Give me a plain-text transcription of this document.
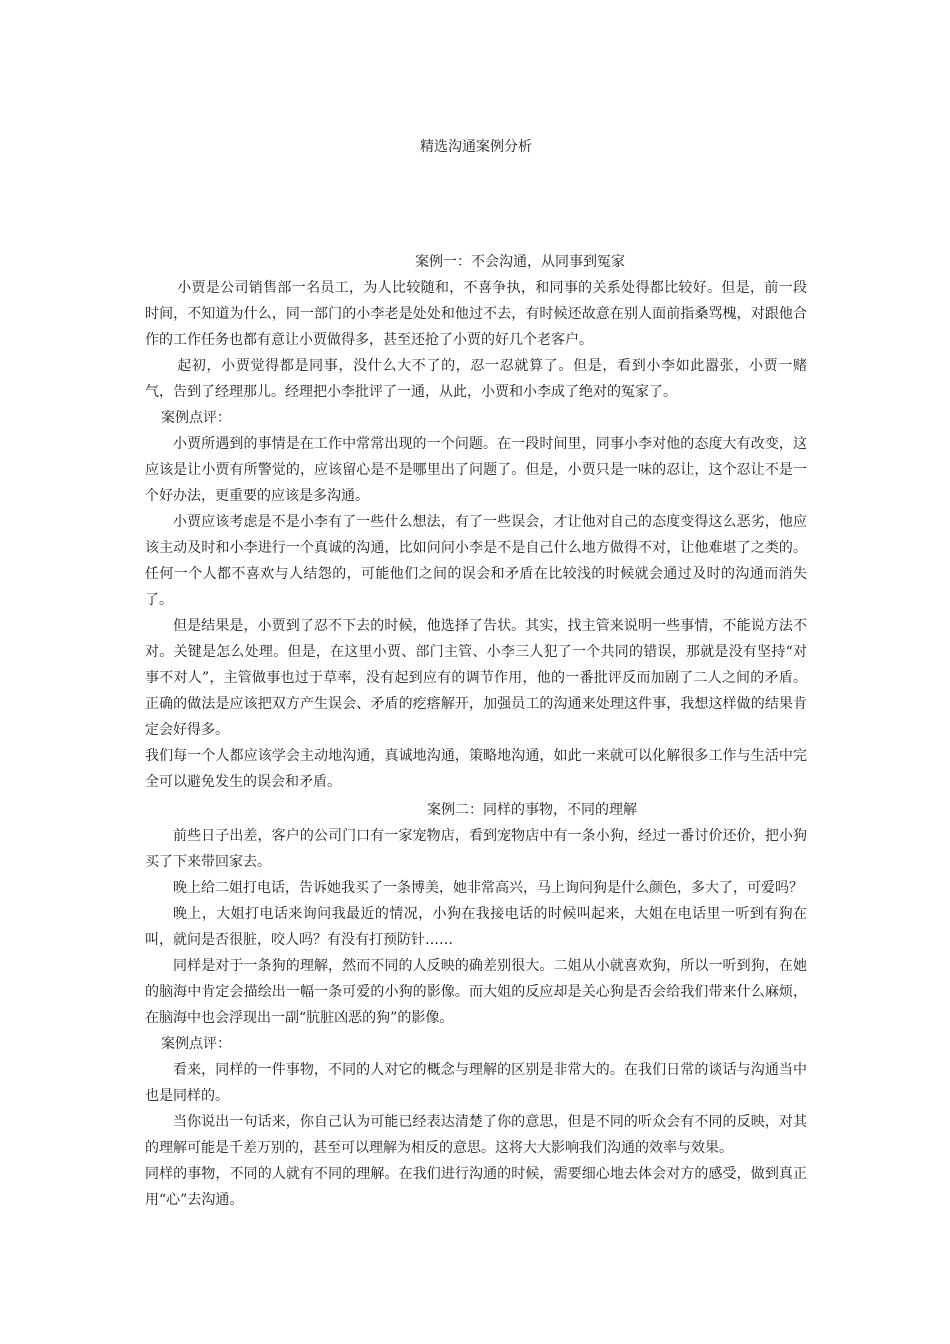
精选沟通案例分析
案例一：不会沟通，从同事到冤家

小贾是公司销售部一名员工，为人比较随和，不喜争执，和同事的关系处得都比较好。但是，前一段时间，不知道为什么，同一部门的小李老是处处和他过不去，有时候还故意在别人面前指桑骂槐，对跟他合作的工作任务也都有意让小贾做得多，甚至还抢了小贾的好几个老客户。

起初，小贾觉得都是同事，没什么大不了的，忍一忍就算了。但是，看到小李如此嚣张，小贾一赌气，告到了经理那儿。经理把小李批评了一通，从此，小贾和小李成了绝对的冤家了。

案例点评：

小贾所遇到的事情是在工作中常常出现的一个问题。在一段时间里，同事小李对他的态度大有改变，这应该是让小贾有所警觉的，应该留心是不是哪里出了问题了。但是，小贾只是一味的忍让，这个忍让不是一个好办法，更重要的应该是多沟通。

小贾应该考虑是不是小李有了一些什么想法，有了一些误会，才让他对自己的态度变得这么恶劣，他应该主动及时和小李进行一个真诚的沟通，比如问问小李是不是自己什么地方做得不对，让他难堪了之类的。任何一个人都不喜欢与人结怨的，可能他们之间的误会和矛盾在比较浅的时候就会通过及时的沟通而消失了。

但是结果是，小贾到了忍不下去的时候，他选择了告状。其实，找主管来说明一些事情，不能说方法不对。关键是怎么处理。但是，在这里小贾、部门主管、小李三人犯了一个共同的错误，那就是没有坚持“对事不对人”，主管做事也过于草率，没有起到应有的调节作用，他的一番批评反而加剧了二人之间的矛盾。正确的做法是应该把双方产生误会、矛盾的疙瘩解开，加强员工的沟通来处理这件事，我想这样做的结果肯定会好得多。

我们每一个人都应该学会主动地沟通，真诚地沟通，策略地沟通，如此一来就可以化解很多工作与生活中完全可以避免发生的误会和矛盾。

案例二：同样的事物，不同的理解

前些日子出差，客户的公司门口有一家宠物店，看到宠物店中有一条小狗，经过一番讨价还价，把小狗买了下来带回家去。

晚上给二姐打电话，告诉她我买了一条博美，她非常高兴，马上询问狗是什么颜色，多大了，可爱吗？

晚上，大姐打电话来询问我最近的情况，小狗在我接电话的时候叫起来，大姐在电话里一听到有狗在叫，就问是否很脏，咬人吗？有没有打预防针……

同样是对于一条狗的理解，然而不同的人反映的确差别很大。二姐从小就喜欢狗，所以一听到狗，在她的脑海中肯定会描绘出一幅一条可爱的小狗的影像。而大姐的反应却是关心狗是否会给我们带来什么麻烦，在脑海中也会浮现出一副“肮脏凶恶的狗”的影像。

案例点评：

看来，同样的一件事物，不同的人对它的概念与理解的区别是非常大的。在我们日常的谈话与沟通当中也是同样的。

当你说出一句话来，你自己认为可能已经表达清楚了你的意思，但是不同的听众会有不同的反映，对其的理解可能是千差万别的，甚至可以理解为相反的意思。这将大大影响我们沟通的效率与效果。

同样的事物，不同的人就有不同的理解。在我们进行沟通的时候，需要细心地去体会对方的感受，做到真正用“心”去沟通。
